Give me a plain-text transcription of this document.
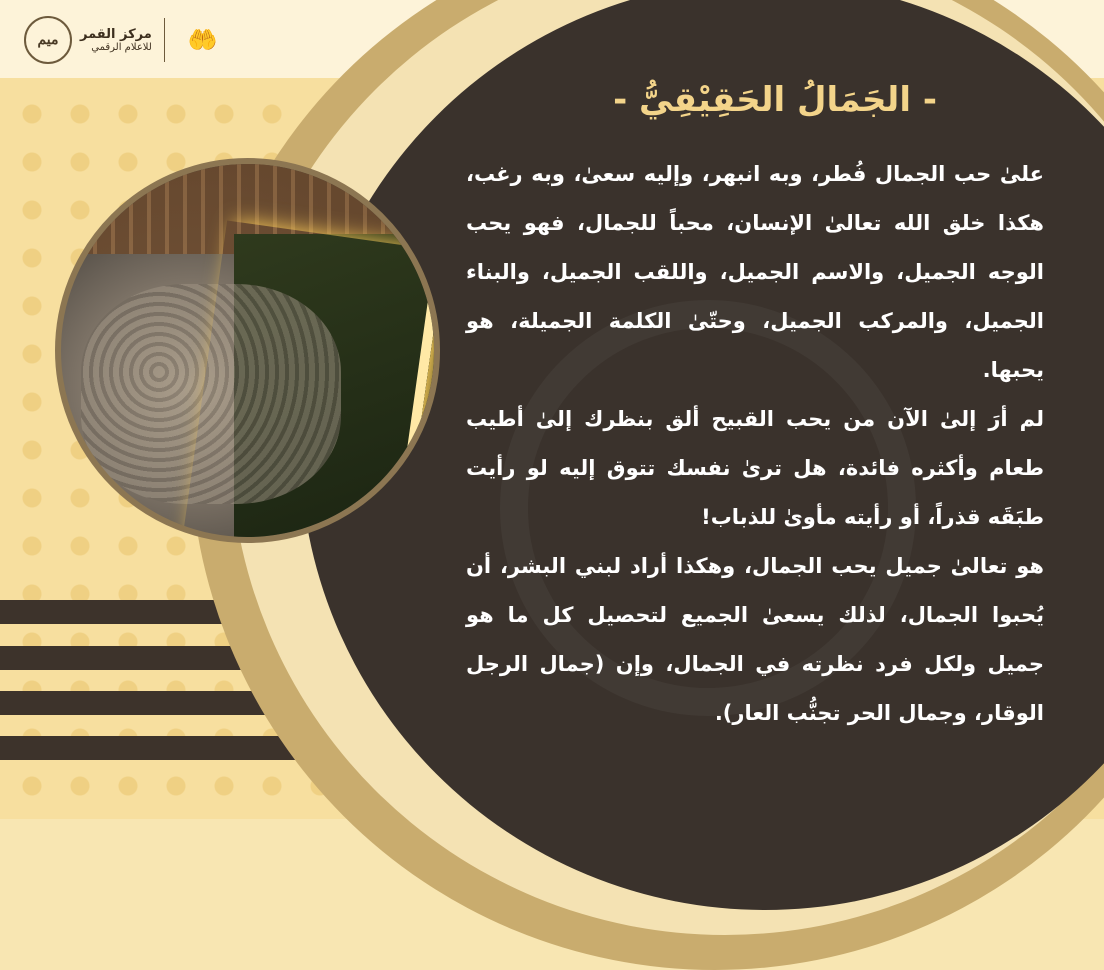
ميم مركز القمر
للاعلام الرقمي	🤲
- الجَمَالُ الحَقِيْقِيُّ -

علىٰ حب الجمال فُطر، وبه انبهر، وإليه سعىٰ، وبه رغب، هكذا خلق الله تعالىٰ الإنسان، محباً للجمال، فهو يحب الوجه الجميل، والاسم الجميل، واللقب الجميل، والبناء الجميل، والمركب الجميل، وحتّىٰ الكلمة الجميلة، هو يحبها.

لم أرَ إلىٰ الآن من يحب القبيح ألق بنظرك إلىٰ أطيب طعام وأكثره فائدة، هل ترىٰ نفسك تتوق إليه لو رأيت طبَقَه قذراً، أو رأيته مأوىٰ للذباب!

هو تعالىٰ جميل يحب الجمال، وهكذا أراد لبني البشر، أن يُحبوا الجمال، لذلك يسعىٰ الجميع لتحصيل كل ما هو جميل ولكل فرد نظرته في الجمال، وإن (جمال الرجل الوقار، وجمال الحر تجنُّب العار).
